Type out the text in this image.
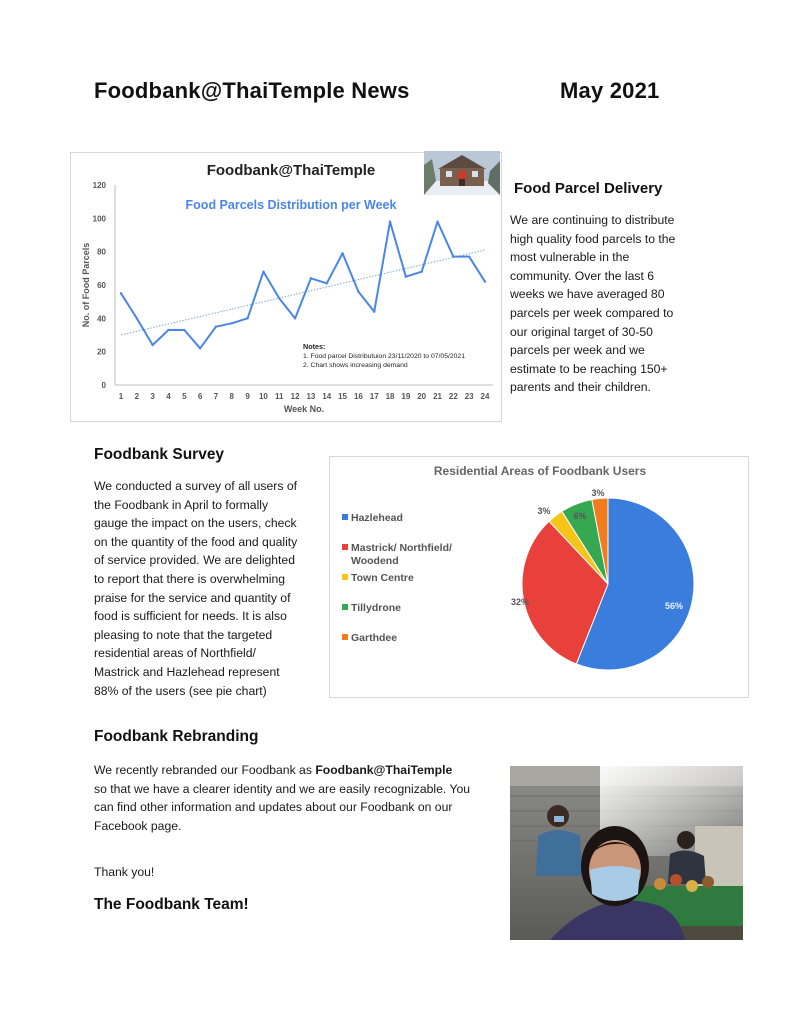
Foodbank@ThaiTemple News	May 2021
Foodbank@ThaiTemple
0
20
40
60
80
100
120
1 2 3 4 5 6 7 8 9 10 11 12 13 14 15 16 17 18 19 20 21 22 23 24
Week No.
No. of Food Parcels
Food Parcels Distribution per Week
Notes:
1. Food parcel Distributuion 23/11/2020 to 07/05/2021
2. Chart shows increasing demand
Food Parcel Delivery
We are continuing to distribute
high quality food parcels to the
most vulnerable in the
community. Over the last 6
weeks we have averaged 80
parcels per week compared to
our original target of 30-50
parcels per week and we
estimate to be reaching 150+
parents and their children.
Foodbank Survey
We conducted a survey of all users of
the Foodbank in April to formally
gauge the impact on the users, check
on the quantity of the food and quality
of service provided. We are delighted
to report that there is overwhelming
praise for the service and quantity of
food is sufficient for needs. It is also
pleasing to note that the targeted
residential areas of Northfield/
Mastrick and Hazlehead represent
88% of the users (see pie chart)
Residential Areas of Foodbank Users
Hazlehead
Mastrick/ Northfield/
Woodend
Town Centre
Tillydrone
Garthdee
56%
32%
3%	6%
3%
Foodbank Rebranding
We recently rebranded our Foodbank as Foodbank@ThaiTemple
so that we have a clearer identity and we are easily recognizable. You
can find other information and updates about our Foodbank on our
Facebook page.
Thank you!
The Foodbank Team!
